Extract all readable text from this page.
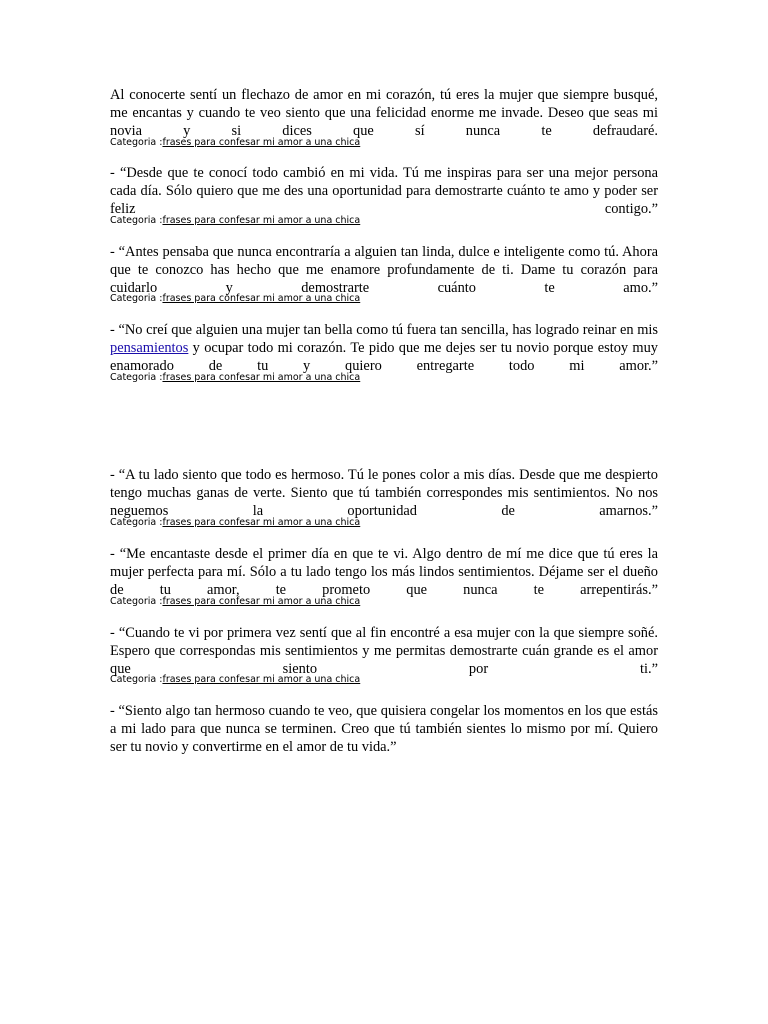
Al conocerte sentí un flechazo de amor en mi corazón, tú eres la mujer que siempre busqué, me encantas y cuando te veo siento que una felicidad enorme me invade. Deseo que seas mi novia y si dices que sí nunca te defraudaré.

Categoria :frases para confesar mi amor a una chica

- “Desde que te conocí todo cambió en mi vida. Tú me inspiras para ser una mejor persona cada día. Sólo quiero que me des una oportunidad para demostrarte cuánto te amo y poder ser feliz contigo.”

Categoria :frases para confesar mi amor a una chica

- “Antes pensaba que nunca encontraría a alguien tan linda, dulce e inteligente como tú. Ahora que te conozco has hecho que me enamore profundamente de ti. Dame tu corazón para cuidarlo y demostrarte cuánto te amo.”

Categoria :frases para confesar mi amor a una chica

- “No creí que alguien una mujer tan bella como tú fuera tan sencilla, has logrado reinar en mis pensamientos y ocupar todo mi corazón. Te pido que me dejes ser tu novio porque estoy muy enamorado de tu y quiero entregarte todo mi amor.”

Categoria :frases para confesar mi amor a una chica

- “A tu lado siento que todo es hermoso. Tú le pones color a mis días. Desde que me despierto tengo muchas ganas de verte. Siento que tú también correspondes mis sentimientos. No nos neguemos la oportunidad de amarnos.”

Categoria :frases para confesar mi amor a una chica

- “Me encantaste desde el primer día en que te vi. Algo dentro de mí me dice que tú eres la mujer perfecta para mí. Sólo a tu lado tengo los más lindos sentimientos. Déjame ser el dueño de tu amor, te prometo que nunca te arrepentirás.”

Categoria :frases para confesar mi amor a una chica

- “Cuando te vi por primera vez sentí que al fin encontré a esa mujer con la que siempre soñé. Espero que correspondas mis sentimientos y me permitas demostrarte cuán grande es el amor que siento por ti.”

Categoria :frases para confesar mi amor a una chica

- “Siento algo tan hermoso cuando te veo, que quisiera congelar los momentos en los que estás a mi lado para que nunca se terminen. Creo que tú también sientes lo mismo por mí. Quiero ser tu novio y convertirme en el amor de tu vida.”
